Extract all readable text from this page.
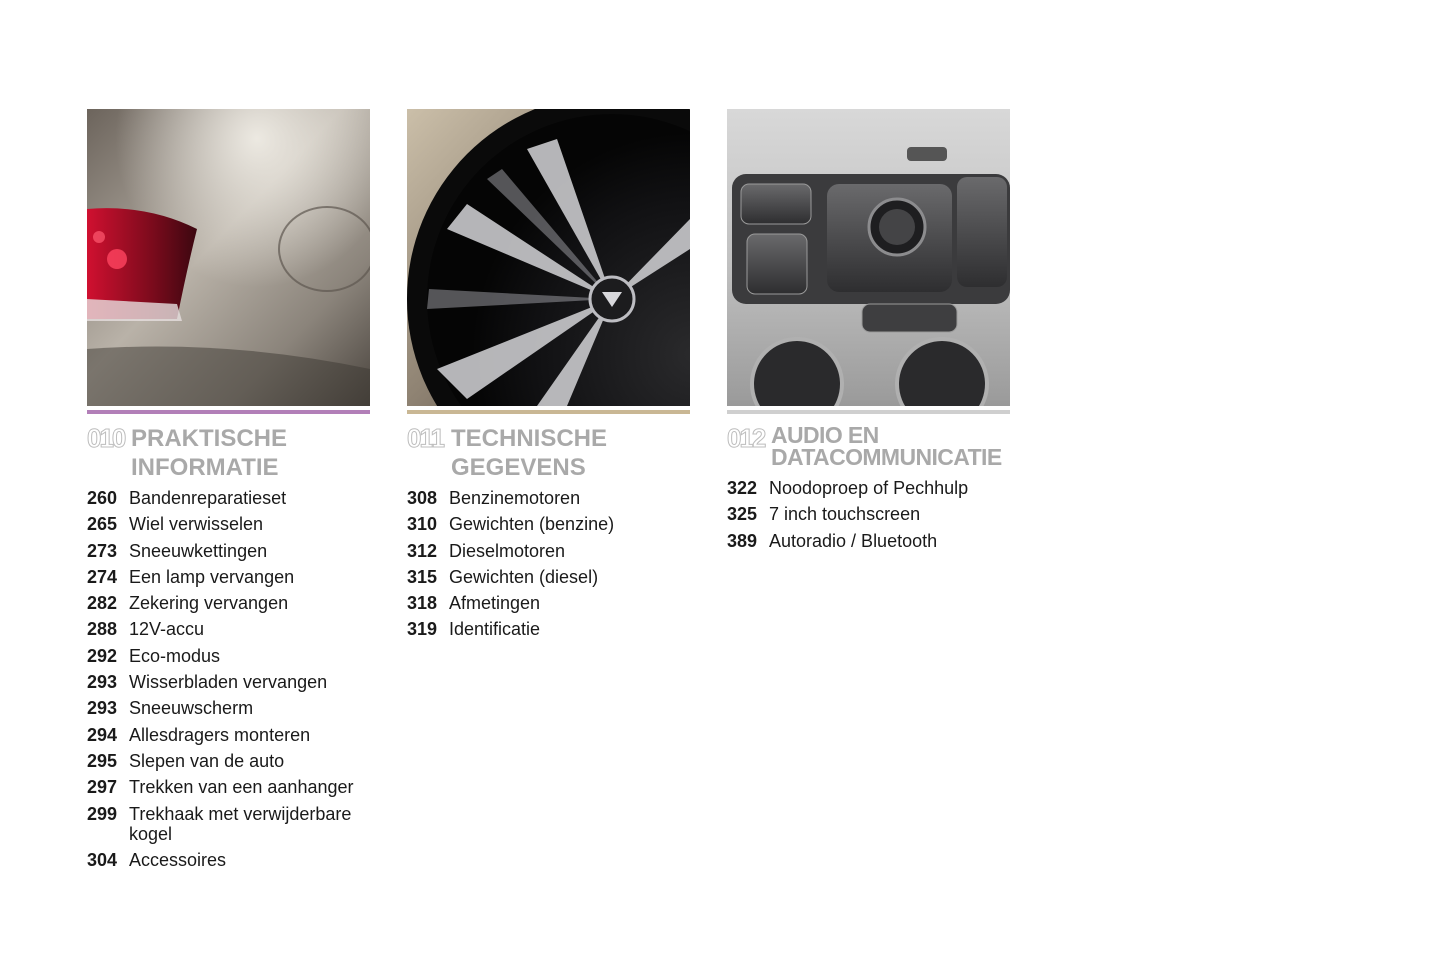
010 PRAKTISCHE
INFORMATIE
260 Bandenreparatieset
265 Wiel verwisselen
273 Sneeuwkettingen
274 Een lamp vervangen
282 Zekering vervangen
288 12V-accu
292 Eco-modus
293 Wisserbladen vervangen
293 Sneeuwscherm
294 Allesdragers monteren
295 Slepen van de auto
297 Trekken van een aanhanger
299 Trekhaak met verwijderbare kogel
304 Accessoires
011 TECHNISCHE
GEGEVENS
308 Benzinemotoren
310 Gewichten (benzine)
312 Dieselmotoren
315 Gewichten (diesel)
318 Afmetingen
319 Identificatie
012 AUDIO EN
DATACOMMUNICATIE
322 Noodoproep of Pechhulp
325 7 inch touchscreen
389 Autoradio / Bluetooth
